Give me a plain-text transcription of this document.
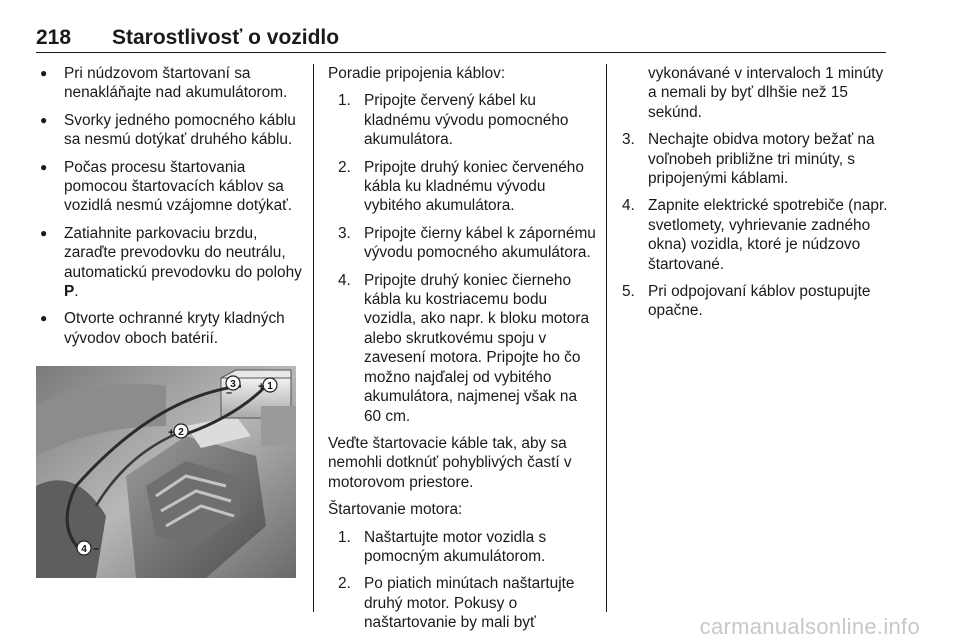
218 Starostlivosť o vozidlo
● Pri núdzovom štartovaní sa nenakláňajte nad akumulátorom.
● Svorky jedného pomocného káblu sa nesmú dotýkať druhého káblu.
● Počas procesu štartovania pomocou štartovacích káblov sa vozidlá nesmú vzájomne dotýkať.
● Zatiahnite parkovaciu brzdu, zaraďte prevodovku do neutrálu, automatickú prevodovku do polohy P.
● Otvorte ochranné kryty kladných vývodov oboch batérií.
1
3
2
4
+
+
–
–

Poradie pripojenia káblov:

1. Pripojte červený kábel ku kladnému vývodu pomocného akumulátora.
2. Pripojte druhý koniec červeného kábla ku kladnému vývodu vybitého akumulátora.
3. Pripojte čierny kábel k zápornému vývodu pomocného akumulátora.
4. Pripojte druhý koniec čierneho kábla ku kostriacemu bodu vozidla, ako napr. k bloku motora alebo skrutkovému spoju v zavesení motora. Pripojte ho čo možno najďalej od vybitého akumulátora, najmenej však na 60 cm.

Veďte štartovacie káble tak, aby sa nemohli dotknúť pohyblivých častí v motorovom priestore.

Štartovanie motora:

1. Naštartujte motor vozidla s pomocným akumulátorom.
2. Po piatich minútach naštartujte druhý motor. Pokusy o naštartovanie by mali byť
vykonávané v intervaloch 1 minúty a nemali by byť dlhšie než 15 sekúnd.
3. Nechajte obidva motory bežať na voľnobeh približne tri minúty, s pripojenými káblami.
4. Zapnite elektrické spotrebiče (napr. svetlomety, vyhrievanie zadného okna) vozidla, ktoré je núdzovo štartované.
5. Pri odpojovaní káblov postupujte opačne.
carmanualsonline.info
